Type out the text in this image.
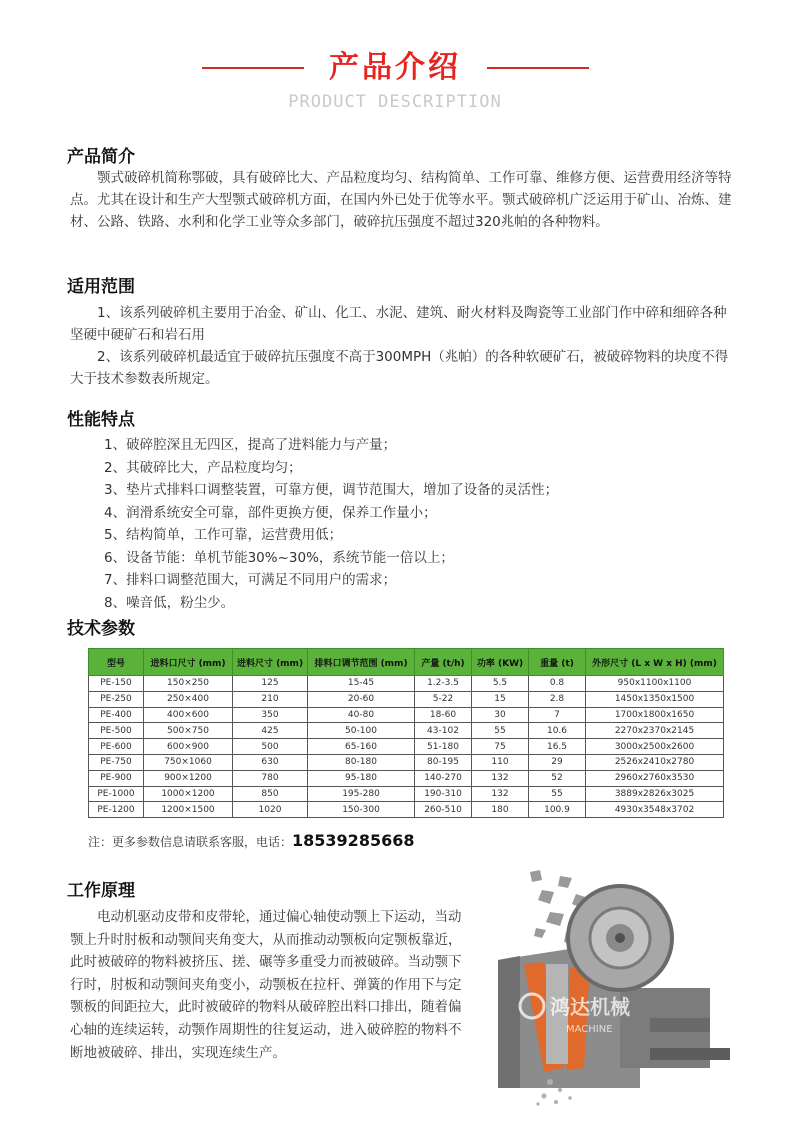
产品介绍
PRODUCT DESCRIPTION
产品简介
颚式破碎机简称鄂破，具有破碎比大、产品粒度均匀、结构简单、工作可靠、维修方便、运营费用经济等特点。尤其在设计和生产大型颚式破碎机方面，在国内外已处于优等水平。颚式破碎机广泛运用于矿山、冶炼、建材、公路、铁路、水利和化学工业等众多部门，破碎抗压强度不超过320兆帕的各种物料。
适用范围
1、该系列破碎机主要用于冶金、矿山、化工、水泥、建筑、耐火材料及陶瓷等工业部门作中碎和细碎各种坚硬中硬矿石和岩石用
2、该系列破碎机最适宜于破碎抗压强度不高于300MPH（兆帕）的各种软硬矿石，被破碎物料的块度不得大于技术参数表所规定。
性能特点
1、破碎腔深且无四区，提高了进料能力与产量；
2、其破碎比大，产品粒度均匀；
3、垫片式排料口调整装置，可靠方便，调节范围大，增加了设备的灵活性；
4、润滑系统安全可靠，部件更换方便，保养工作量小；
5、结构简单，工作可靠，运营费用低；
6、设备节能：单机节能30%~30%，系统节能一倍以上；
7、排料口调整范围大，可满足不同用户的需求；
8、噪音低，粉尘少。
技术参数
型号	进料口尺寸 (mm)	进料尺寸 (mm)	排料口调节范围 (mm)	产量 (t/h)	功率 (KW)	重量 (t)	外形尺寸 (L x W x H) (mm)
PE-150	150×250	125	15-45	1.2-3.5	5.5	0.8	950x1100x1100
PE-250	250×400	210	20-60	5-22	15	2.8	1450x1350x1500
PE-400	400×600	350	40-80	18-60	30	7	1700x1800x1650
PE-500	500×750	425	50-100	43-102	55	10.6	2270x2370x2145
PE-600	600×900	500	65-160	51-180	75	16.5	3000x2500x2600
PE-750	750×1060	630	80-180	80-195	110	29	2526x2410x2780
PE-900	900×1200	780	95-180	140-270	132	52	2960x2760x3530
PE-1000	1000×1200	850	195-280	190-310	132	55	3889x2826x3025
PE-1200	1200×1500	1020	150-300	260-510	180	100.9	4930x3548x3702
注：更多参数信息请联系客服，电话：18539285668
工作原理
电动机驱动皮带和皮带轮，通过偏心轴使动颚上下运动，当动颚上升时肘板和动颚间夹角变大，从而推动动颚板向定颚板靠近，此时被破碎的物料被挤压、搓、碾等多重受力而被破碎。当动颚下行时，肘板和动颚间夹角变小，动颚板在拉杆、弹簧的作用下与定颚板的间距拉大，此时被破碎的物料从破碎腔出料口排出，随着偏心轴的连续运转，动颚作周期性的往复运动，进入破碎腔的物料不断地被破碎、排出，实现连续生产。
鸿达机械
MACHINE
